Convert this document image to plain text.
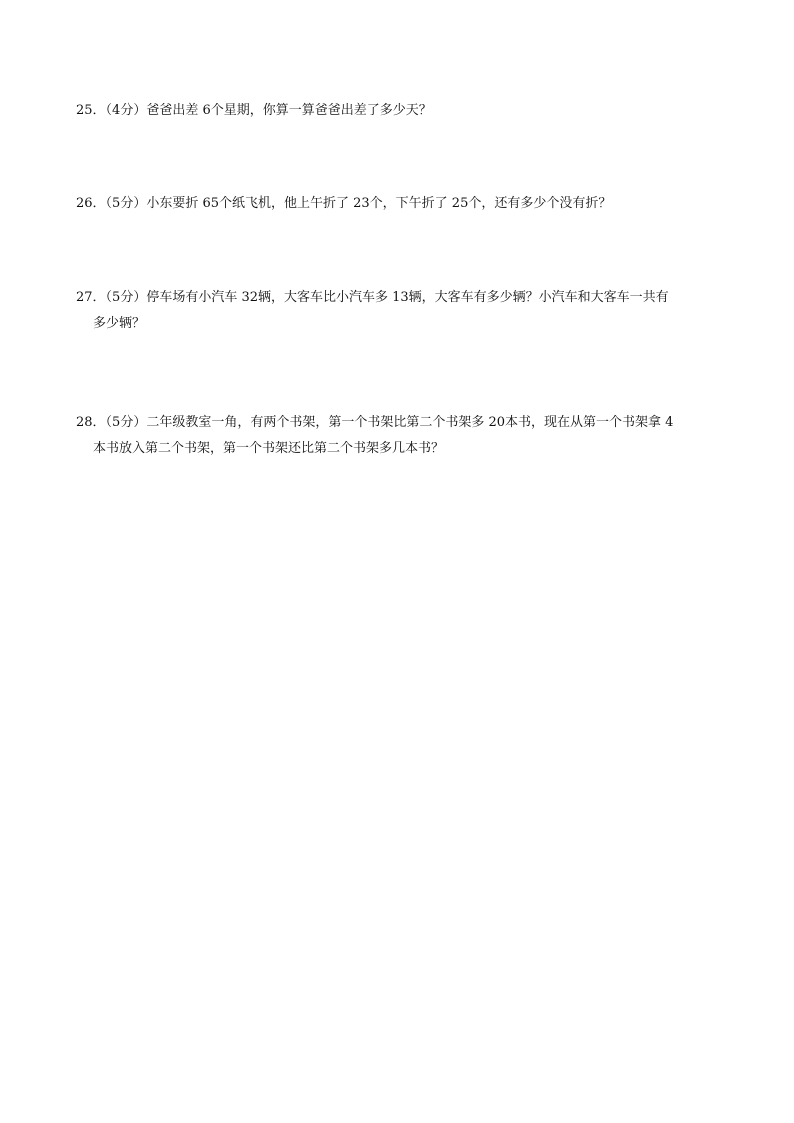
25．（4分）爸爸出差 6个星期，你算一算爸爸出差了多少天？
26．（5分）小东要折 65个纸飞机，他上午折了 23个，下午折了 25个，还有多少个没有折？
27．（5分）停车场有小汽车 32辆，大客车比小汽车多 13辆，大客车有多少辆？小汽车和大客车一共有
多少辆？
28．（5分）二年级教室一角，有两个书架，第一个书架比第二个书架多 20本书，现在从第一个书架拿 4
本书放入第二个书架，第一个书架还比第二个书架多几本书？
